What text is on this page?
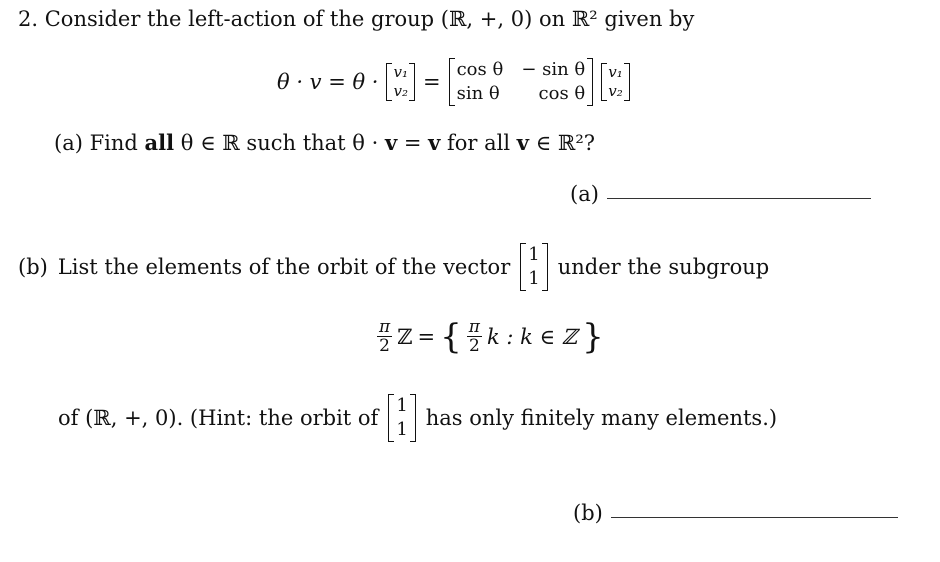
2. Consider the left-action of the group (ℝ, +, 0) on ℝ² given by
θ · v = θ · v₁
v₂ =
cos θ − sin θ
sin θ	cos θ
v₁
v₂
(a) Find all θ ∈ ℝ such that θ · v = v for all v ∈ ℝ²?
(a)
(b) List the elements of the orbit of the vector
1
1 under the subgroup
$\frac{\pi}{2}$ ℤ = { $\frac{\pi}{2}$ k : k ∈ ℤ }
of (ℝ, +, 0). (Hint: the orbit of
1
1 has only finitely many elements.)
(b)
